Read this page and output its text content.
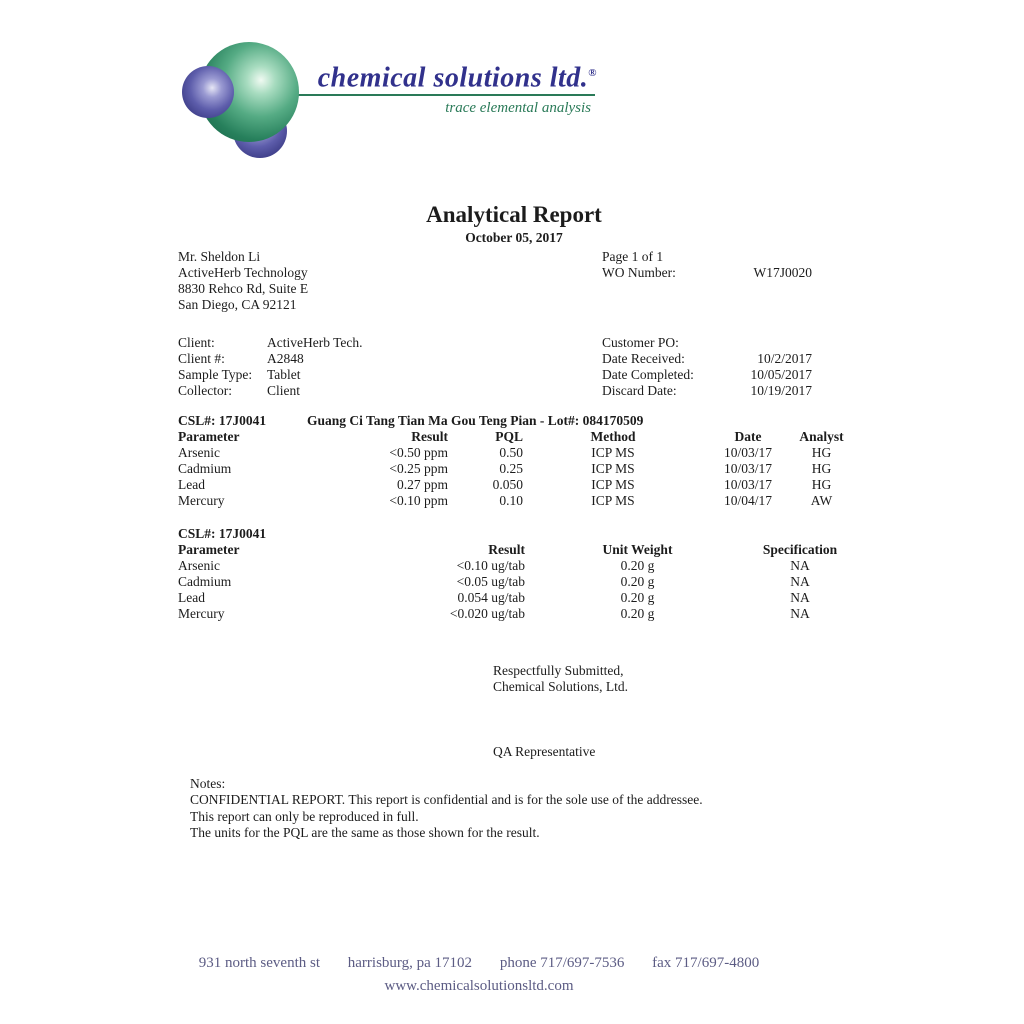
chemical solutions ltd.®
trace elemental analysis
Analytical Report
October 05, 2017
Mr. Sheldon Li
ActiveHerb Technology
8830 Rehco Rd, Suite E
San Diego, CA 92121
Page 1 of 1
WO Number:	W17J0020
Client:	ActiveHerb Tech.
Client #:	A2848
Sample Type: Tablet
Collector:	Client
Customer PO:
Date Received:	10/2/2017
Date Completed:	10/05/2017
Discard Date:	10/19/2017
CSL#: 17J0041	Guang Ci Tang Tian Ma Gou Teng Pian - Lot#: 084170509
Parameter	Result	PQL	Method	Date	Analyst
Arsenic	<0.50 ppm	0.50	ICP MS	10/03/17	HG
Cadmium	<0.25 ppm	0.25	ICP MS	10/03/17	HG
Lead	0.27 ppm	0.050	ICP MS	10/03/17	HG
Mercury	<0.10 ppm	0.10	ICP MS	10/04/17	AW
CSL#: 17J0041
Parameter	Result	Unit Weight	Specification
Arsenic	<0.10 ug/tab	0.20 g	NA
Cadmium	<0.05 ug/tab	0.20 g	NA
Lead	0.054 ug/tab	0.20 g	NA
Mercury	<0.020 ug/tab	0.20 g	NA
Respectfully Submitted,
Chemical Solutions, Ltd.
QA Representative
Notes:
CONFIDENTIAL REPORT. This report is confidential and is for the sole use of the addressee.
This report can only be reproduced in full.
The units for the PQL are the same as those shown for the result.
931 north seventh st harrisburg, pa 17102 phone 717/697-7536 fax 717/697-4800
www.chemicalsolutionsltd.com
